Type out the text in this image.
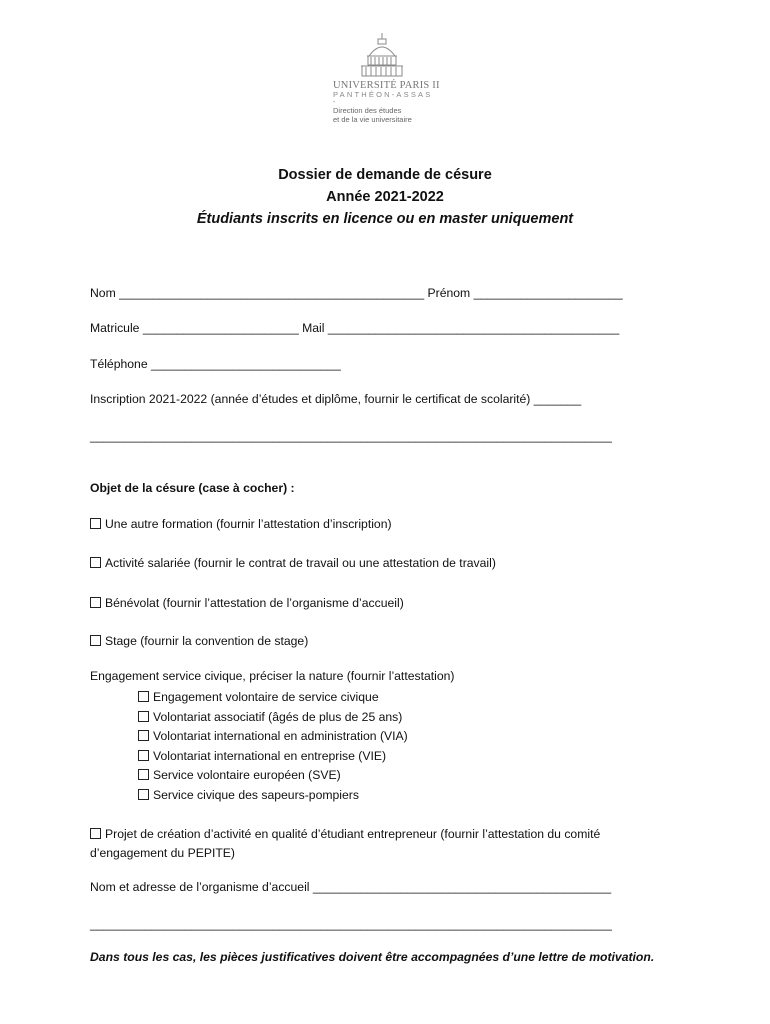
UNIVERSITÉ PARIS II
PANTHÉON-ASSAS
-
Direction des études
et de la vie universitaire
Dossier de demande de césure
Année 2021-2022
Étudiants inscrits en licence ou en master uniquement
Nom _____________________________________________ Prénom ______________________
Matricule _______________________ Mail ___________________________________________
Téléphone ____________________________
Inscription 2021-2022 (année d’études et diplôme, fournir le certificat de scolarité) _______
_____________________________________________________________________________
Objet de la césure (case à cocher) :
Une autre formation (fournir l’attestation d’inscription)
Activité salariée (fournir le contrat de travail ou une attestation de travail)
Bénévolat (fournir l’attestation de l’organisme d’accueil)
Stage (fournir la convention de stage)
Engagement service civique, préciser la nature (fournir l’attestation)
Engagement volontaire de service civique
Volontariat associatif (âgés de plus de 25 ans)
Volontariat international en administration (VIA)
Volontariat international en entreprise (VIE)
Service volontaire européen (SVE)
Service civique des sapeurs-pompiers
Projet de création d’activité en qualité d’étudiant entrepreneur (fournir l’attestation du comité
d’engagement du PEPITE)
Nom et adresse de l’organisme d’accueil ____________________________________________
_____________________________________________________________________________
Dans tous les cas, les pièces justificatives doivent être accompagnées d’une lettre de motivation.
